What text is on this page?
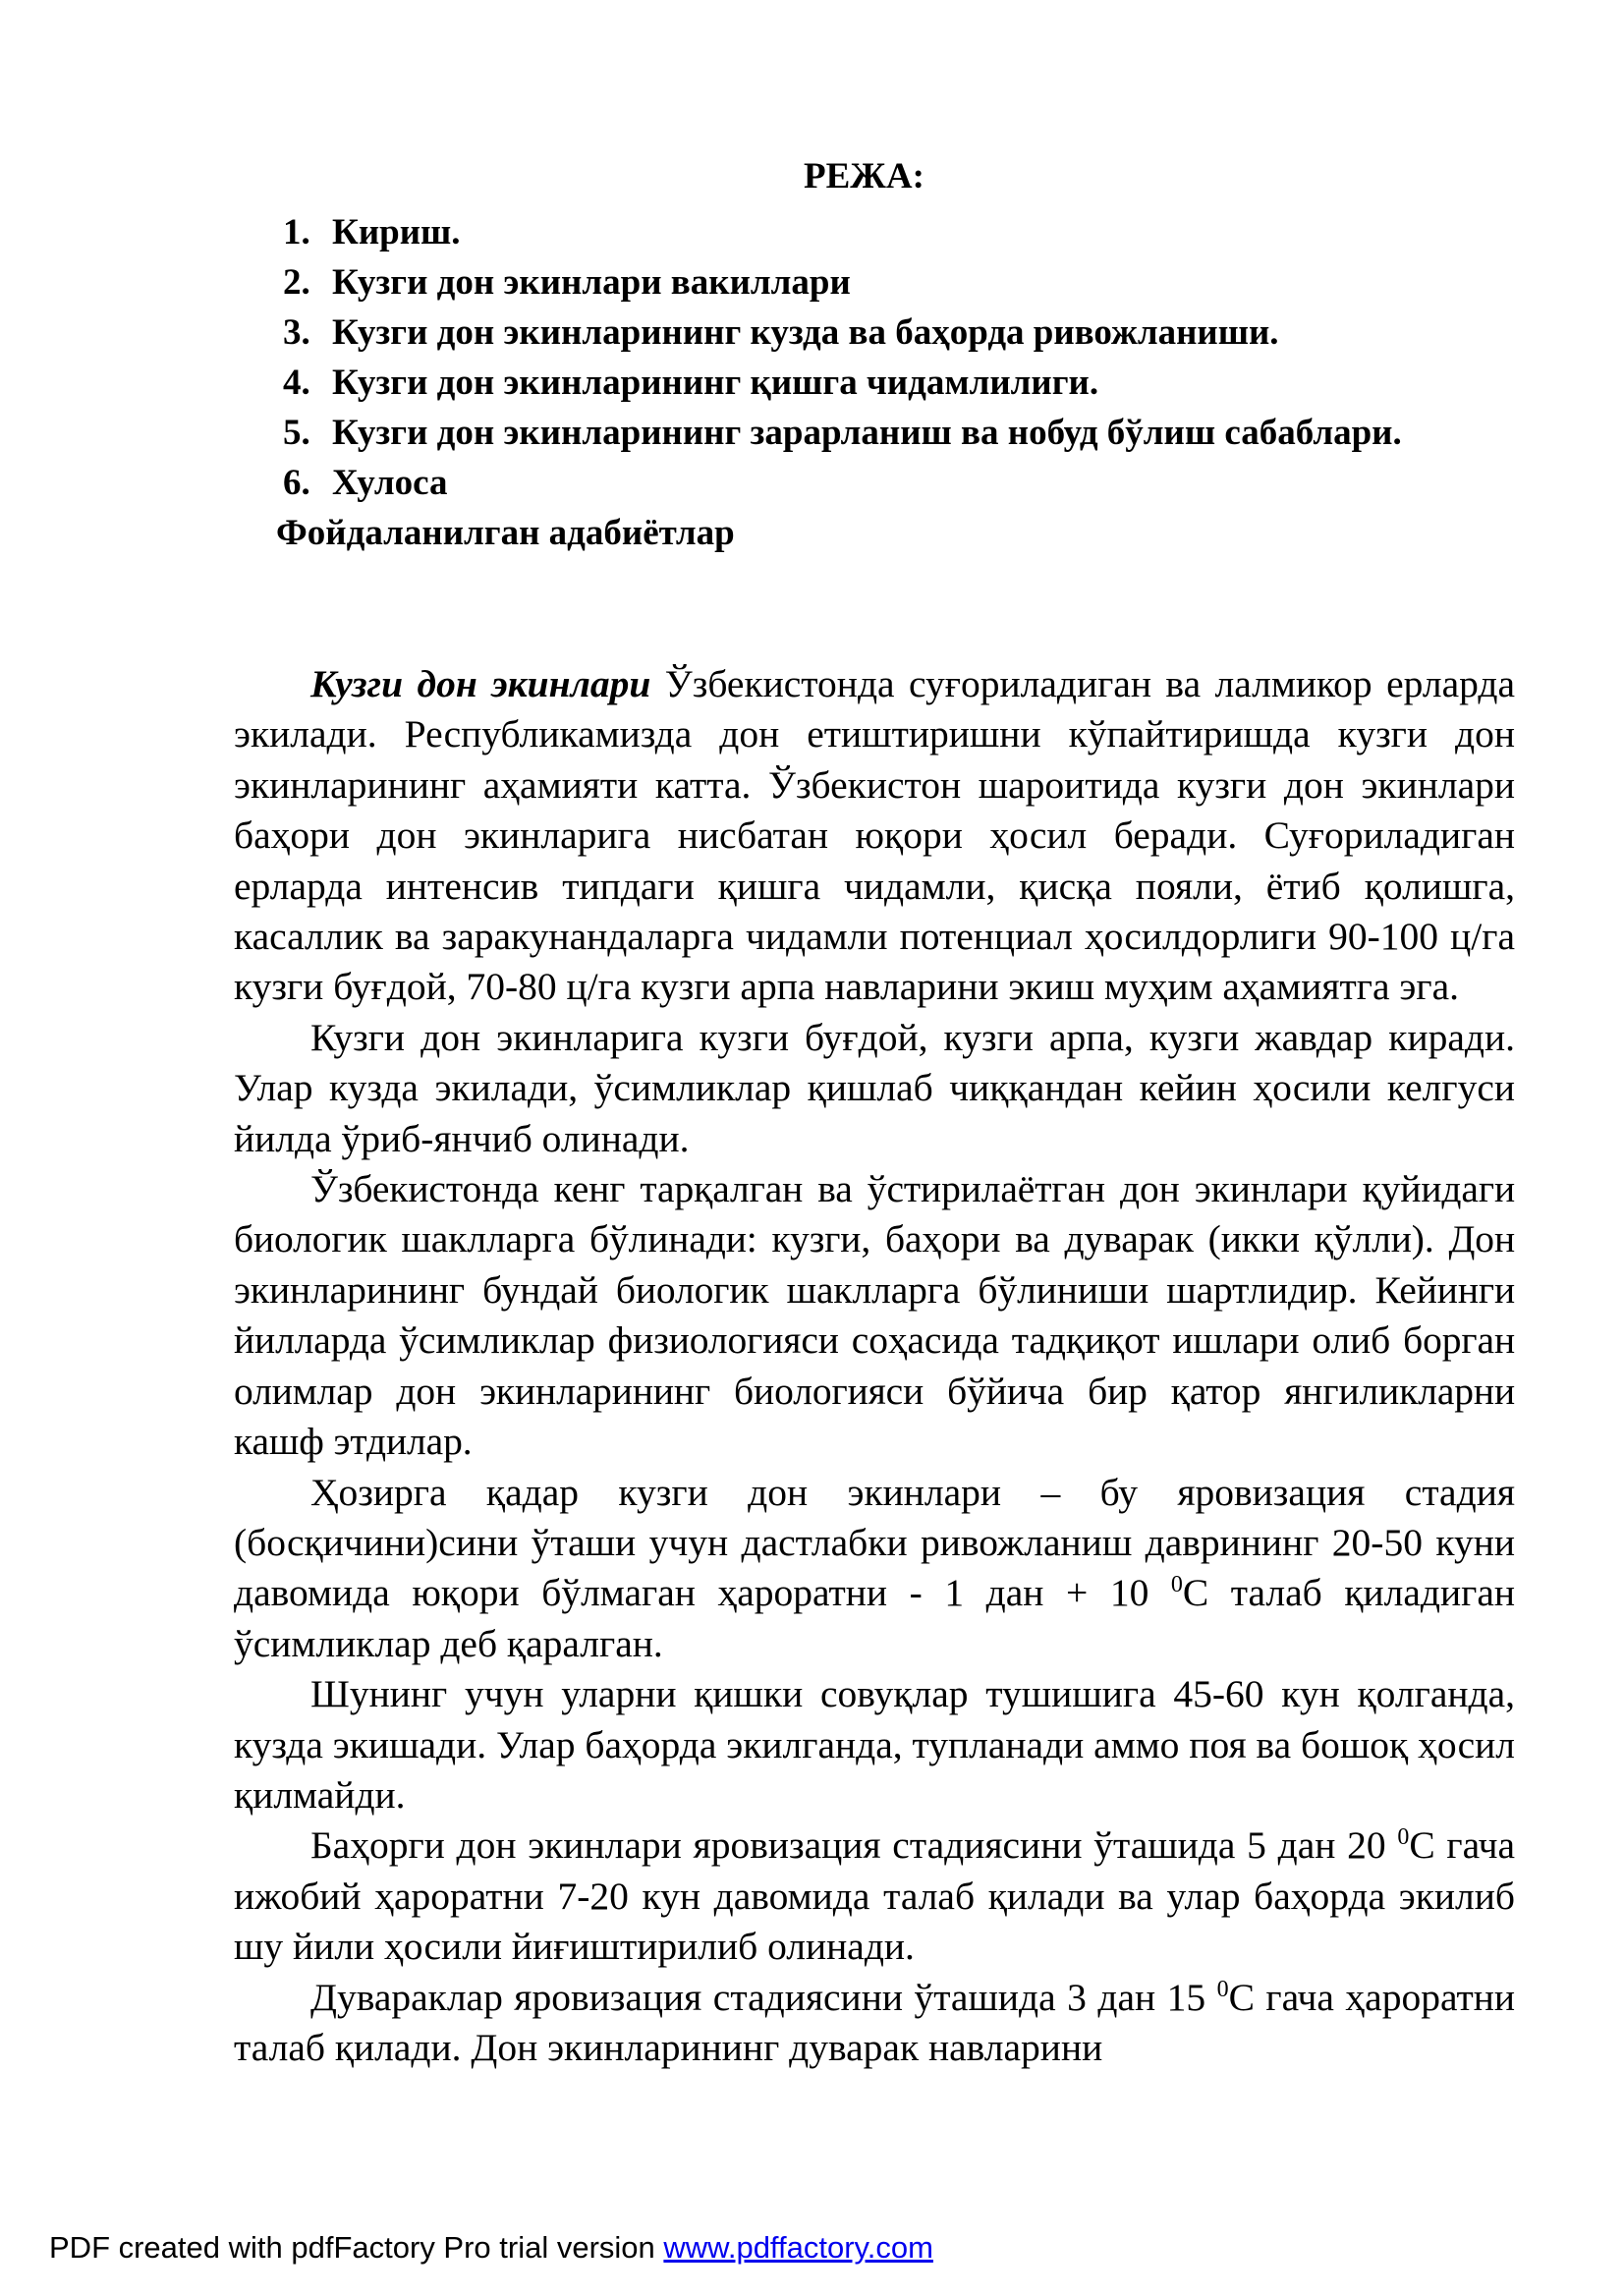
РЕЖА:
1. Кириш.
2. Кузги дон экинлари вакиллари
3. Кузги дон экинларининг кузда ва баҳорда ривожланиши.
4. Кузги дон экинларининг қишга чидамлилиги.
5. Кузги дон экинларининг зарарланиш ва нобуд бўлиш сабаблари.
6. Хулоса
Фойдаланилган адабиётлар

Кузги дон экинлари Ўзбекистонда суғориладиган ва лалмикор ерларда экилади. Республикамизда дон етиштиришни кўпайтиришда кузги дон экинларининг аҳамияти катта. Ўзбекистон шароитида кузги дон экинлари баҳори дон экинларига нисбатан юқори ҳосил беради. Суғориладиган ерларда интенсив типдаги қишга чидамли, қисқа пояли, ётиб қолишга, касаллик ва заракунандаларга чидамли потенциал ҳосилдорлиги 90-100 ц/га кузги буғдой, 70-80 ц/га кузги арпа навларини экиш муҳим аҳамиятга эга.

Кузги дон экинларига кузги буғдой, кузги арпа, кузги жавдар киради. Улар кузда экилади, ўсимликлар қишлаб чиққандан кейин ҳосили келгуси йилда ўриб-янчиб олинади.

Ўзбекистонда кенг тарқалган ва ўстирилаётган дон экинлари қуйидаги биологик шаклларга бўлинади: кузги, баҳори ва дуварак (икки қўлли). Дон экинларининг бундай биологик шаклларга бўлиниши шартлидир. Кейинги йилларда ўсимликлар физиологияси соҳасида тадқиқот ишлари олиб борган олимлар дон экинларининг биологияси бўйича бир қатор янгиликларни кашф этдилар.

Ҳозирга қадар кузги дон экинлари – бу яровизация стадия (босқичини)сини ўташи учун дастлабки ривожланиш даврининг 20-50 куни давомида юқори бўлмаган ҳароратни - 1 дан + 10 $^0$С талаб қиладиган ўсимликлар деб қаралган.

Шунинг учун уларни қишки совуқлар тушишига 45-60 кун қолганда, кузда экишади. Улар баҳорда экилганда, тупланади аммо поя ва бошоқ ҳосил қилмайди.

Баҳорги дон экинлари яровизация стадиясини ўташида 5 дан 20 $^0$С гача ижобий ҳароратни 7-20 кун давомида талаб қилади ва улар баҳорда экилиб шу йили ҳосили йиғиштирилиб олинади.

Дувараклар яровизация стадиясини ўташида 3 дан 15 $^0$С гача ҳароратни талаб қилади. Дон экинларининг дуварак навларини

PDF created with pdfFactory Pro trial version www.pdffactory.com
